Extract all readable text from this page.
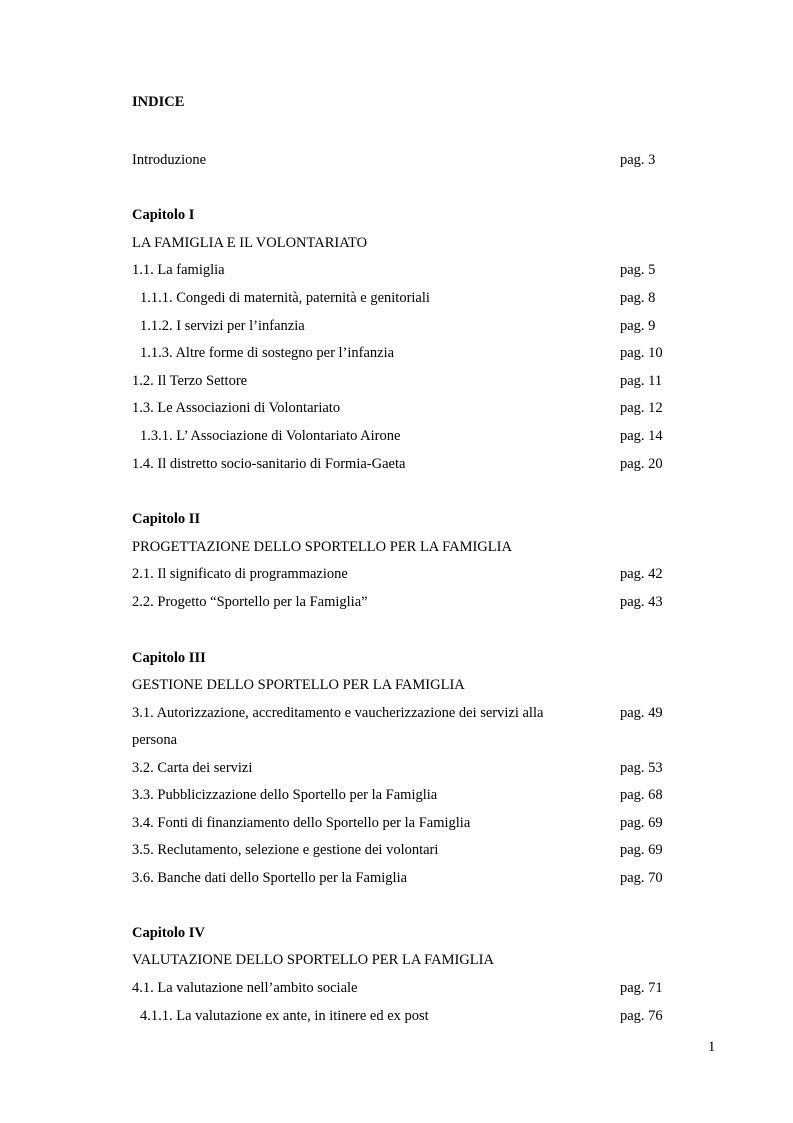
INDICE
Introduzione	pag. 3
Capitolo I
LA FAMIGLIA E IL VOLONTARIATO
1.1. La famiglia	pag. 5
1.1.1. Congedi di maternità, paternità e genitoriali	pag. 8
1.1.2. I servizi per l’infanzia	pag. 9
1.1.3. Altre forme di sostegno per l’infanzia	pag. 10
1.2. Il Terzo Settore	pag. 11
1.3. Le Associazioni di Volontariato	pag. 12
1.3.1. L’ Associazione di Volontariato Airone	pag. 14
1.4. Il distretto socio-sanitario di Formia-Gaeta	pag. 20
Capitolo II
PROGETTAZIONE DELLO SPORTELLO PER LA FAMIGLIA
2.1. Il significato di programmazione	pag. 42
2.2. Progetto “Sportello per la Famiglia”	pag. 43
Capitolo III
GESTIONE DELLO SPORTELLO PER LA FAMIGLIA
3.1. Autorizzazione, accreditamento e vaucherizzazione dei servizi alla	pag. 49
persona
3.2. Carta dei servizi	pag. 53
3.3. Pubblicizzazione dello Sportello per la Famiglia	pag. 68
3.4. Fonti di finanziamento dello Sportello per la Famiglia	pag. 69
3.5. Reclutamento, selezione e gestione dei volontari	pag. 69
3.6. Banche dati dello Sportello per la Famiglia	pag. 70
Capitolo IV
VALUTAZIONE DELLO SPORTELLO PER LA FAMIGLIA
4.1. La valutazione nell’ambito sociale	pag. 71
4.1.1. La valutazione ex ante, in itinere ed ex post	pag. 76
1
